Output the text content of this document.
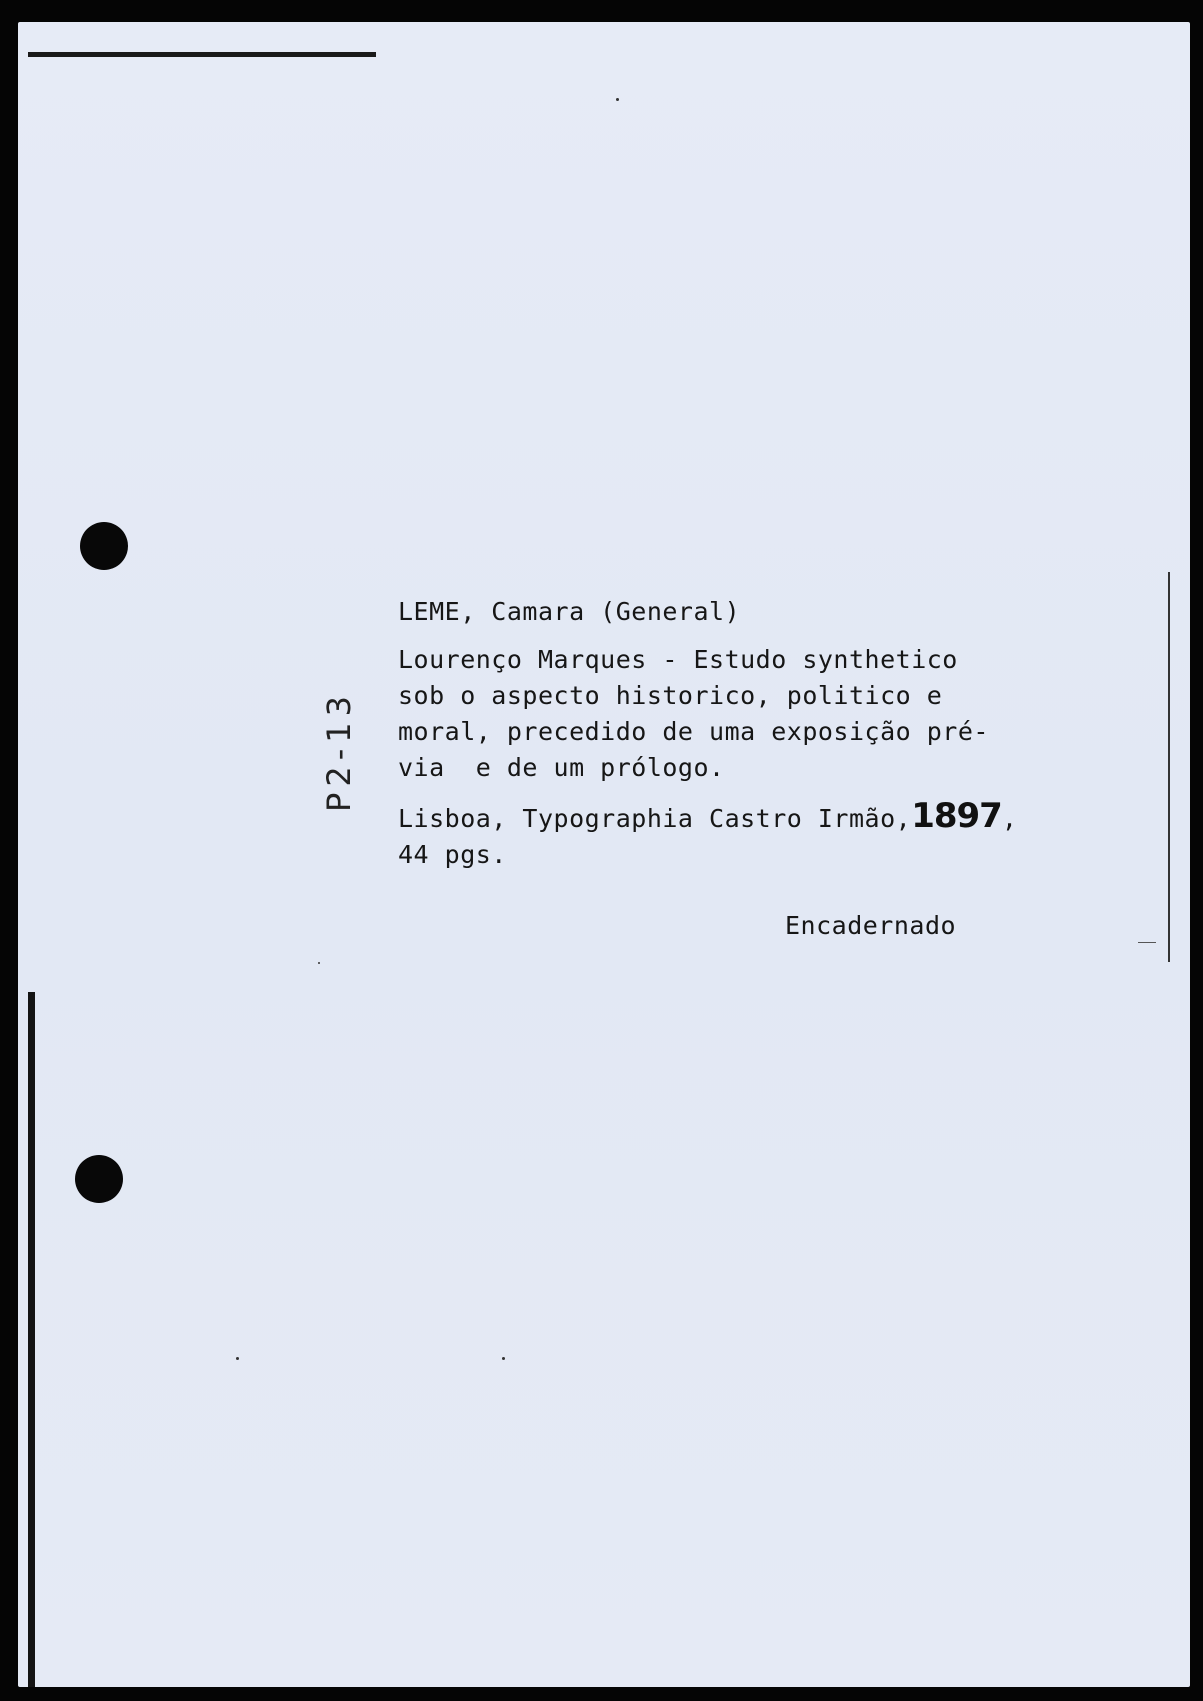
P2-13
LEME, Camara (General)
Lourenço Marques - Estudo synthetico
sob o aspecto historico, politico e
moral, precedido de uma exposição pré-
via  e de um prólogo.
Lisboa, Typographia Castro Irmão,1897,
44 pgs.
Encadernado
